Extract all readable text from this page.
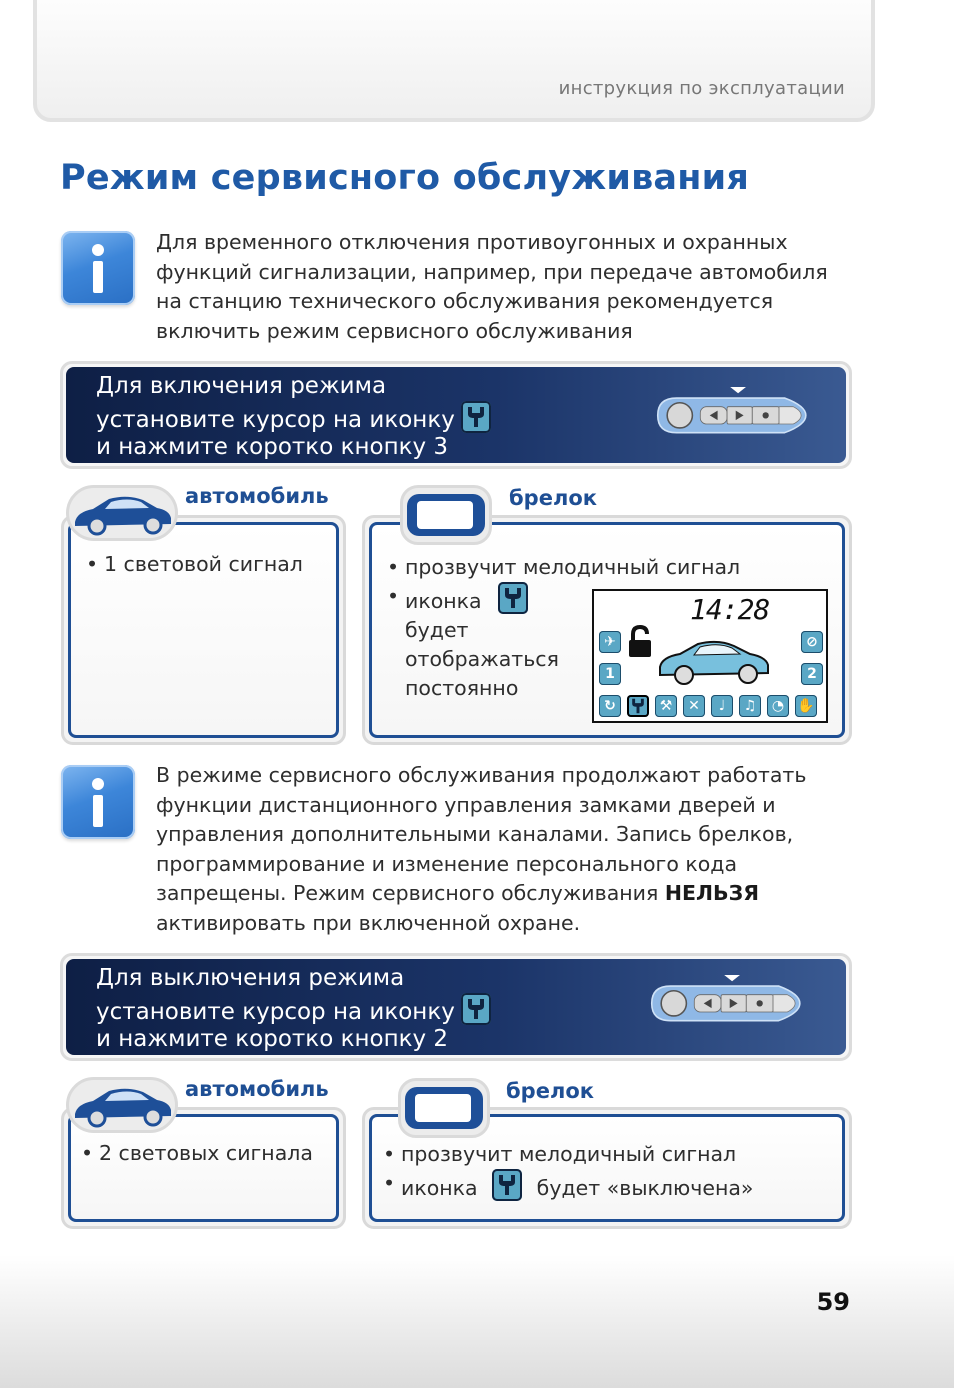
инструкция по эксплуатации
Режим сервисного обслуживания
Для временного отключения противоугонных и охранных
функций сигнализации, например, при передаче автомобиля
на станцию технического обслуживания рекомендуется
включить режим сервисного обслуживания
Для включения режима
установите курсор на иконку
и нажмите коротко кнопку 3
автомобиль
• 1 световой сигнал
брелок
• прозвучит мелодичный сигнал
• иконка
будет
отображаться
постоянно
14:28
✈
1
⊘
2
↻	⚒	✕	♩	♫	◔ ✋
В режиме сервисного обслуживания продолжают работать
функции дистанционного управления замками дверей и
управления дополнительными каналами. Запись брелков,
программирование и изменение персонального кода
запрещены. Режим сервисного обслуживания НЕЛЬЗЯ
активировать при включенной охране.
Для выключения режима
установите курсор на иконку
и нажмите коротко кнопку 2
автомобиль
• 2 световых сигнала
брелок
• прозвучит мелодичный сигнал
• иконка	будет «выключена»
59
